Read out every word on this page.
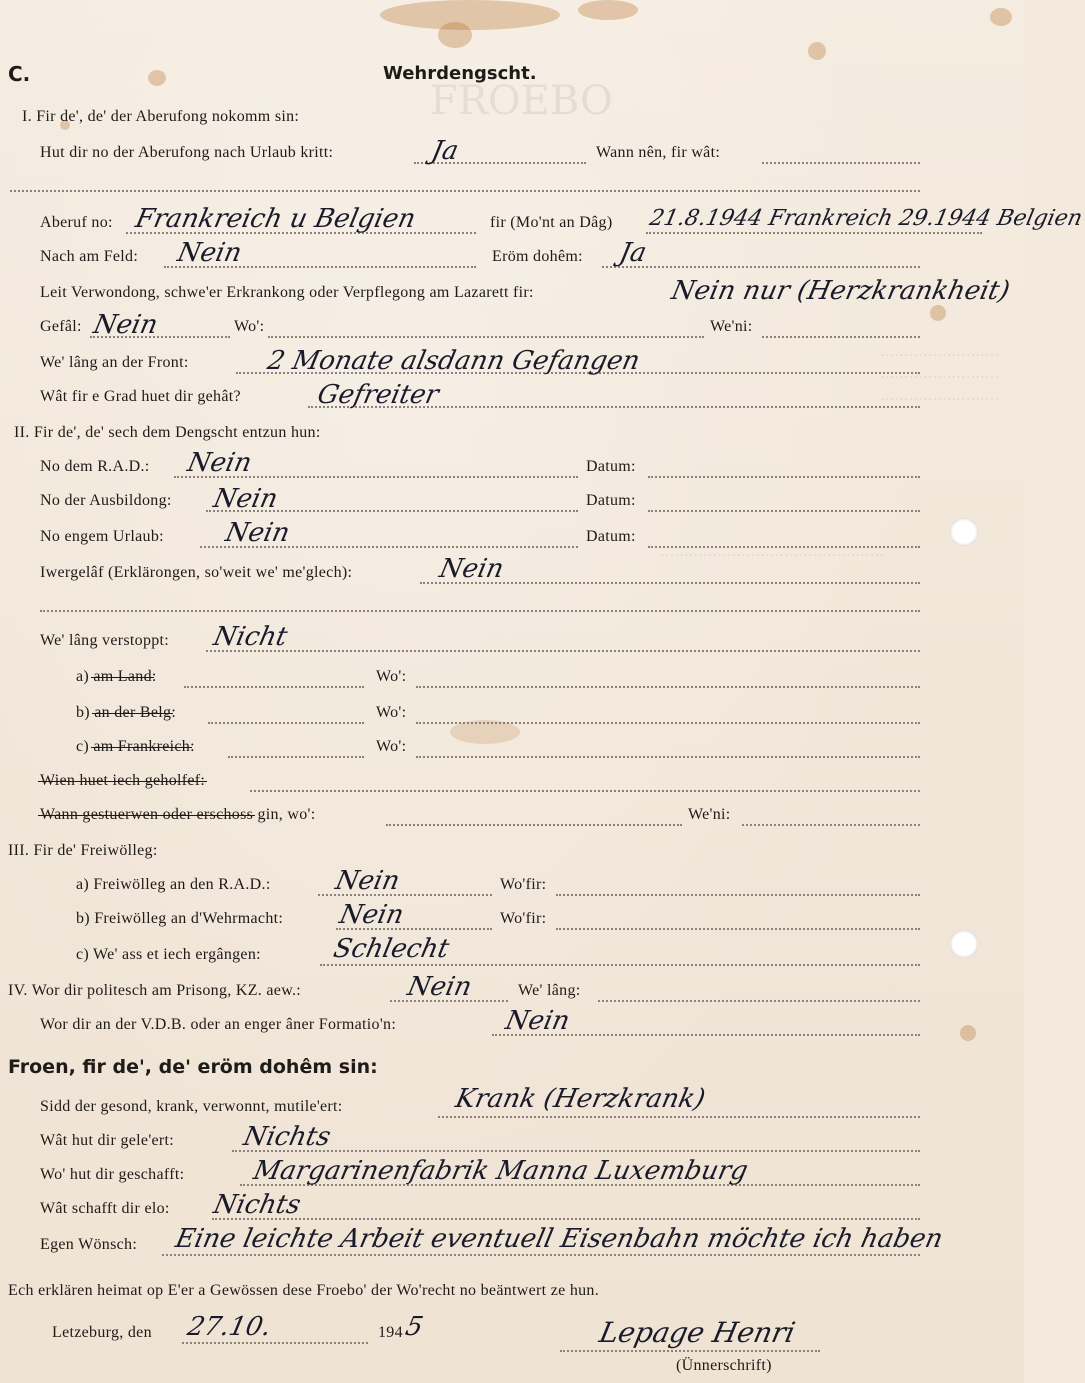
FROEBO
.........................
.........................
.........................
...............................................
C.	Wehrdengscht.
I. Fir de', de' der Aberufong nokomm sin:
Hut dir no der Aberufong nach Urlaub kritt:	Ja	Wann nên, fir wât:
Aberuf no: Frankreich u Belgien	fir (Mo'nt an Dâg) 21.8.1944 Frankreich 29.1944 Belgien
Nach am Feld: Nein	Eröm dohêm: Ja
Leit Verwondong, schwe'er Erkrankong oder Verpflegong am Lazarett fir:	Nein nur (Herzkrankheit)
Gefâl: Nein	Wo':	We'ni:
We' lâng an der Front:	2 Monate alsdann Gefangen
Wât fir e Grad huet dir gehât?	Gefreiter
II. Fir de', de' sech dem Dengscht entzun hun:
No dem R.A.D.: Nein	Datum:
No der Ausbildong: Nein	Datum:
No engem Urlaub: Nein	Datum:
Iwergelâf (Erklärongen, so'weit we' me'glech):	Nein
We' lâng verstoppt: Nicht
a) am Land:	Wo':
b) an der Belg:	Wo':
c) am Frankreich:	Wo':
Wien huet iech geholfef:
Wann gestuerwen oder erschoss gin, wo':	We'ni:
III. Fir de' Freiwölleg:
a) Freiwölleg an den R.A.D.: Nein	Wo'fir:
b) Freiwölleg an d'Wehrmacht: Nein	Wo'fir:
c) We' ass et iech ergângen:	Schlecht
IV. Wor dir politesch am Prisong, KZ. aew.:	Nein	We' lâng:
Wor dir an der V.D.B. oder an enger âner Formatio'n:	Nein
Froen, fir de', de' eröm dohêm sin:
Sidd der gesond, krank, verwonnt, mutile'ert:	Krank (Herzkrank)
Wât hut dir gele'ert:	Nichts
Wo' hut dir geschafft:	Margarinenfabrik Manna Luxemburg
Wât schafft dir elo: Nichts
Egen Wönsch: Eine leichte Arbeit eventuell Eisenbahn möchte ich haben
Ech erklären heimat op E'er a Gewössen dese Froebo' der Wo'recht no beäntwert ze hun.
Letzeburg, den 27.10.	194 5	Lepage Henri
(Ünnerschrift)
